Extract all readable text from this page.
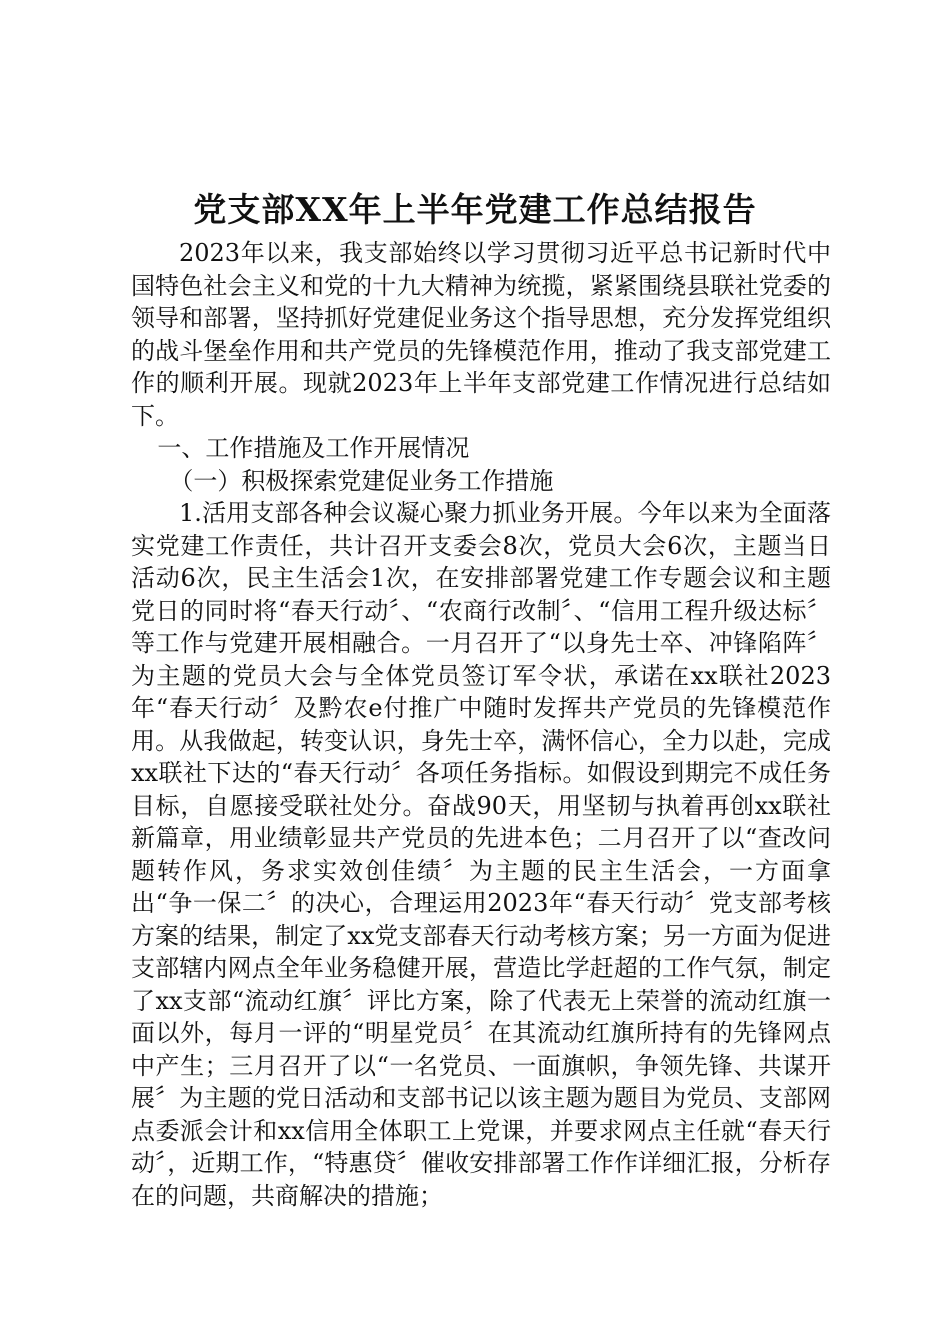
党支部XX年上半年党建工作总结报告

2023年以来，我支部始终以学习贯彻习近平总书记新时代中国特色社会主义和党的十九大精神为统揽，紧紧围绕县联社党委的领导和部署，坚持抓好党建促业务这个指导思想，充分发挥党组织的战斗堡垒作用和共产党员的先锋模范作用，推动了我支部党建工作的顺利开展。现就2023年上半年支部党建工作情况进行总结如下。

一、工作措施及工作开展情况

（一）积极探索党建促业务工作措施

1.活用支部各种会议凝心聚力抓业务开展。今年以来为全面落实党建工作责任，共计召开支委会8次，党员大会6次，主题当日活动6次，民主生活会1次，在安排部署党建工作专题会议和主题党日的同时将“春天行动〞、“农商行改制〞、“信用工程升级达标〞等工作与党建开展相融合。一月召开了“以身先士卒、冲锋陷阵〞为主题的党员大会与全体党员签订军令状，承诺在xx联社2023年“春天行动〞及黔农e付推广中随时发挥共产党员的先锋模范作用。从我做起，转变认识，身先士卒，满怀信心，全力以赴，完成xx联社下达的“春天行动〞各项任务指标。如假设到期完不成任务目标，自愿接受联社处分。奋战90天，用坚韧与执着再创xx联社新篇章，用业绩彰显共产党员的先进本色；二月召开了以“查改问题转作风，务求实效创佳绩〞为主题的民主生活会，一方面拿出“争一保二〞的决心，合理运用2023年“春天行动〞党支部考核方案的结果，制定了xx党支部春天行动考核方案；另一方面为促进支部辖内网点全年业务稳健开展，营造比学赶超的工作气氛，制定了xx支部“流动红旗〞评比方案，除了代表无上荣誉的流动红旗一面以外，每月一评的“明星党员〞在其流动红旗所持有的先锋网点中产生；三月召开了以“一名党员、一面旗帜，争领先锋、共谋开展〞为主题的党日活动和支部书记以该主题为题目为党员、支部网点委派会计和xx信用全体职工上党课，并要求网点主任就“春天行动〞，近期工作，“特惠贷〞催收安排部署工作作详细汇报，分析存在的问题，共商解决的措施；
